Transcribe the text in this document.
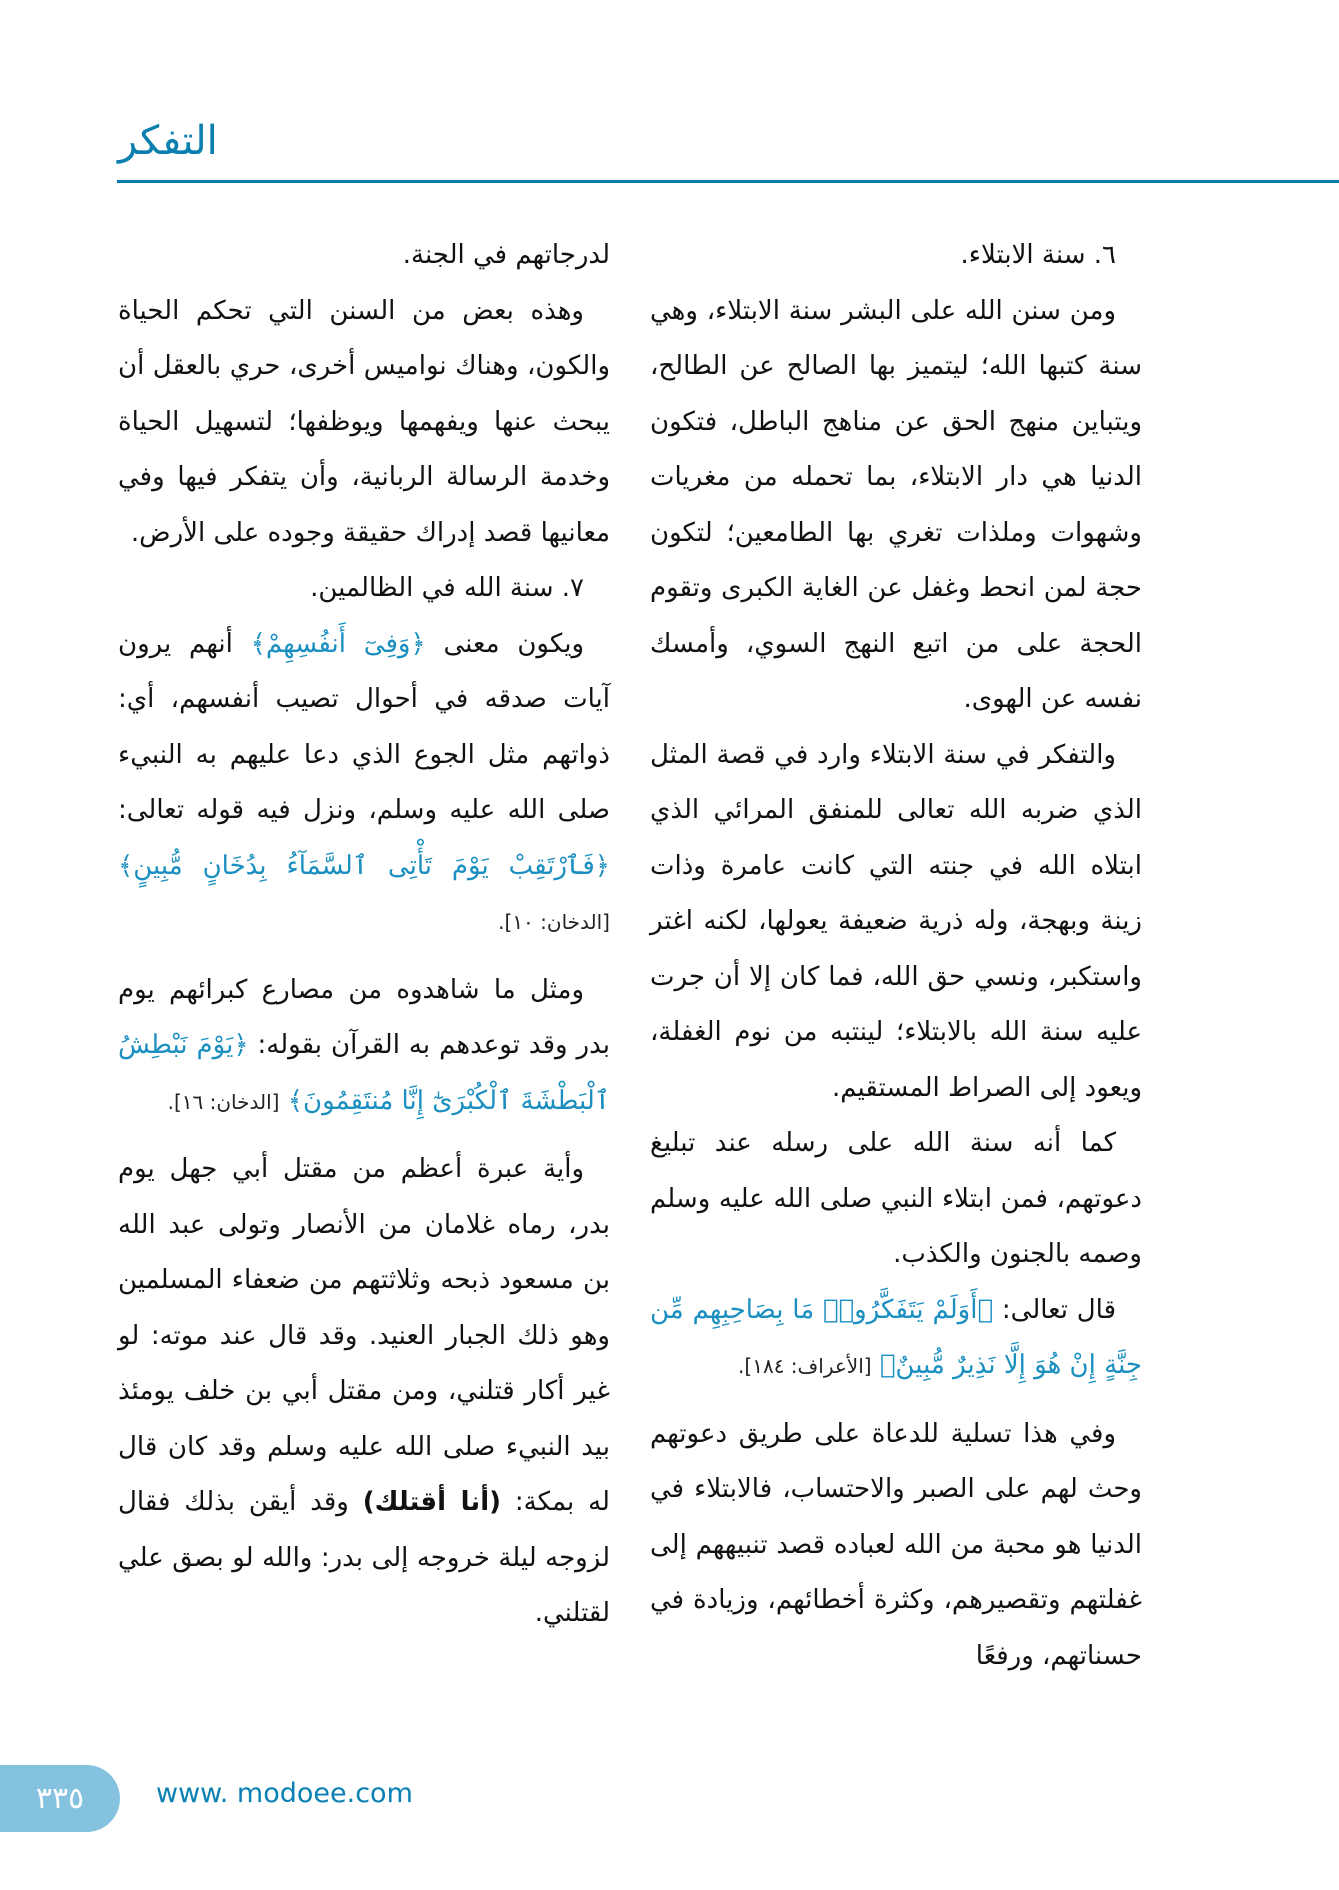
التفكر

٦. سنة الابتلاء.

ومن سنن الله على البشر سنة الابتلاء، وهي سنة كتبها الله؛ ليتميز بها الصالح عن الطالح، ويتباين منهج الحق عن مناهج الباطل، فتكون الدنيا هي دار الابتلاء، بما تحمله من مغريات وشهوات وملذات تغري بها الطامعين؛ لتكون حجة لمن انحط وغفل عن الغاية الكبرى وتقوم الحجة على من اتبع النهج السوي، وأمسك نفسه عن الهوى.

والتفكر في سنة الابتلاء وارد في قصة المثل الذي ضربه الله تعالى للمنفق المرائي الذي ابتلاه الله في جنته التي كانت عامرة وذات زينة وبهجة، وله ذرية ضعيفة يعولها، لكنه اغتر واستكبر، ونسي حق الله، فما كان إلا أن جرت عليه سنة الله بالابتلاء؛ لينتبه من نوم الغفلة، ويعود إلى الصراط المستقيم.

كما أنه سنة الله على رسله عند تبليغ دعوتهم، فمن ابتلاء النبي صلى الله عليه وسلم وصمه بالجنون والكذب.

قال تعالى: ﴿أَوَلَمْ يَتَفَكَّرُوا۟ مَا بِصَاحِبِهِم مِّن جِنَّةٍ إِنْ هُوَ إِلَّا نَذِيرٌ مُّبِينٌ﴾ [الأعراف: ١٨٤].

وفي هذا تسلية للدعاة على طريق دعوتهم وحث لهم على الصبر والاحتساب، فالابتلاء في الدنيا هو محبة من الله لعباده قصد تنبيههم إلى غفلتهم وتقصيرهم، وكثرة أخطائهم، وزيادة في حسناتهم، ورفعًا

لدرجاتهم في الجنة.

وهذه بعض من السنن التي تحكم الحياة والكون، وهناك نواميس أخرى، حري بالعقل أن يبحث عنها ويفهمها ويوظفها؛ لتسهيل الحياة وخدمة الرسالة الربانية، وأن يتفكر فيها وفي معانيها قصد إدراك حقيقة وجوده على الأرض.

٧. سنة الله في الظالمين.

ويكون معنى ﴿وَفِىٓ أَنفُسِهِمْ﴾ أنهم يرون آيات صدقه في أحوال تصيب أنفسهم، أي: ذواتهم مثل الجوع الذي دعا عليهم به النبيء صلى الله عليه وسلم، ونزل فيه قوله تعالى: ﴿فَٱرْتَقِبْ يَوْمَ تَأْتِى ٱلسَّمَآءُ بِدُخَانٍ مُّبِينٍ﴾ [الدخان: ١٠].

ومثل ما شاهدوه من مصارع كبرائهم يوم بدر وقد توعدهم به القرآن بقوله: ﴿يَوْمَ نَبْطِشُ ٱلْبَطْشَةَ ٱلْكُبْرَىٰٓ إِنَّا مُنتَقِمُونَ﴾ [الدخان: ١٦].

وأية عبرة أعظم من مقتل أبي جهل يوم بدر، رماه غلامان من الأنصار وتولى عبد الله بن مسعود ذبحه وثلاثتهم من ضعفاء المسلمين وهو ذلك الجبار العنيد. وقد قال عند موته: لو غير أكار قتلني، ومن مقتل أبي بن خلف يومئذ بيد النبيء صلى الله عليه وسلم وقد كان قال له بمكة: (أنا أقتلك) وقد أيقن بذلك فقال لزوجه ليلة خروجه إلى بدر: والله لو بصق علي لقتلني.

٣٣٥	www. modoee.com
